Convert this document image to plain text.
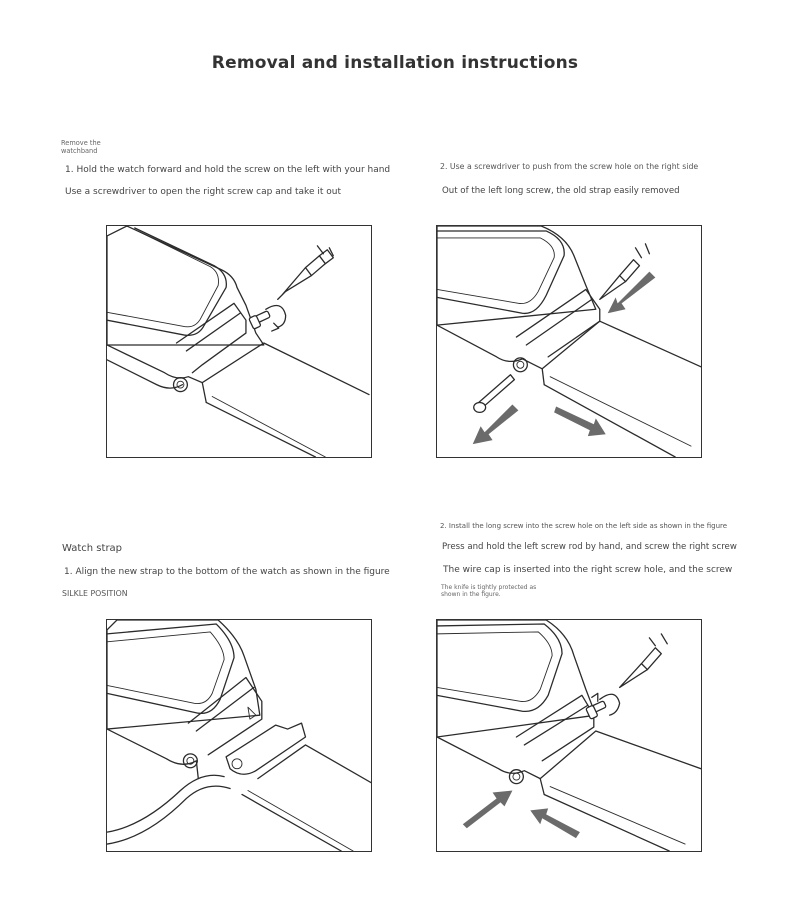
Removal and installation instructions

Remove the watchband

1. Hold the watch forward and hold the screw on the left with your hand

Use a screwdriver to open the right screw cap and take it out

2. Use a screwdriver to push from the screw hole on the right side

Out of the left long screw, the old strap easily removed

Watch strap

1. Align the new strap to the bottom of the watch as shown in the figure

SILKLE POSITION

2. Install the long screw into the screw hole on the left side as shown in the figure

Press and hold the left screw rod by hand, and screw the right screw

The wire cap is inserted into the right screw hole, and the screw

The knife is tightly protected as shown in the figure.
